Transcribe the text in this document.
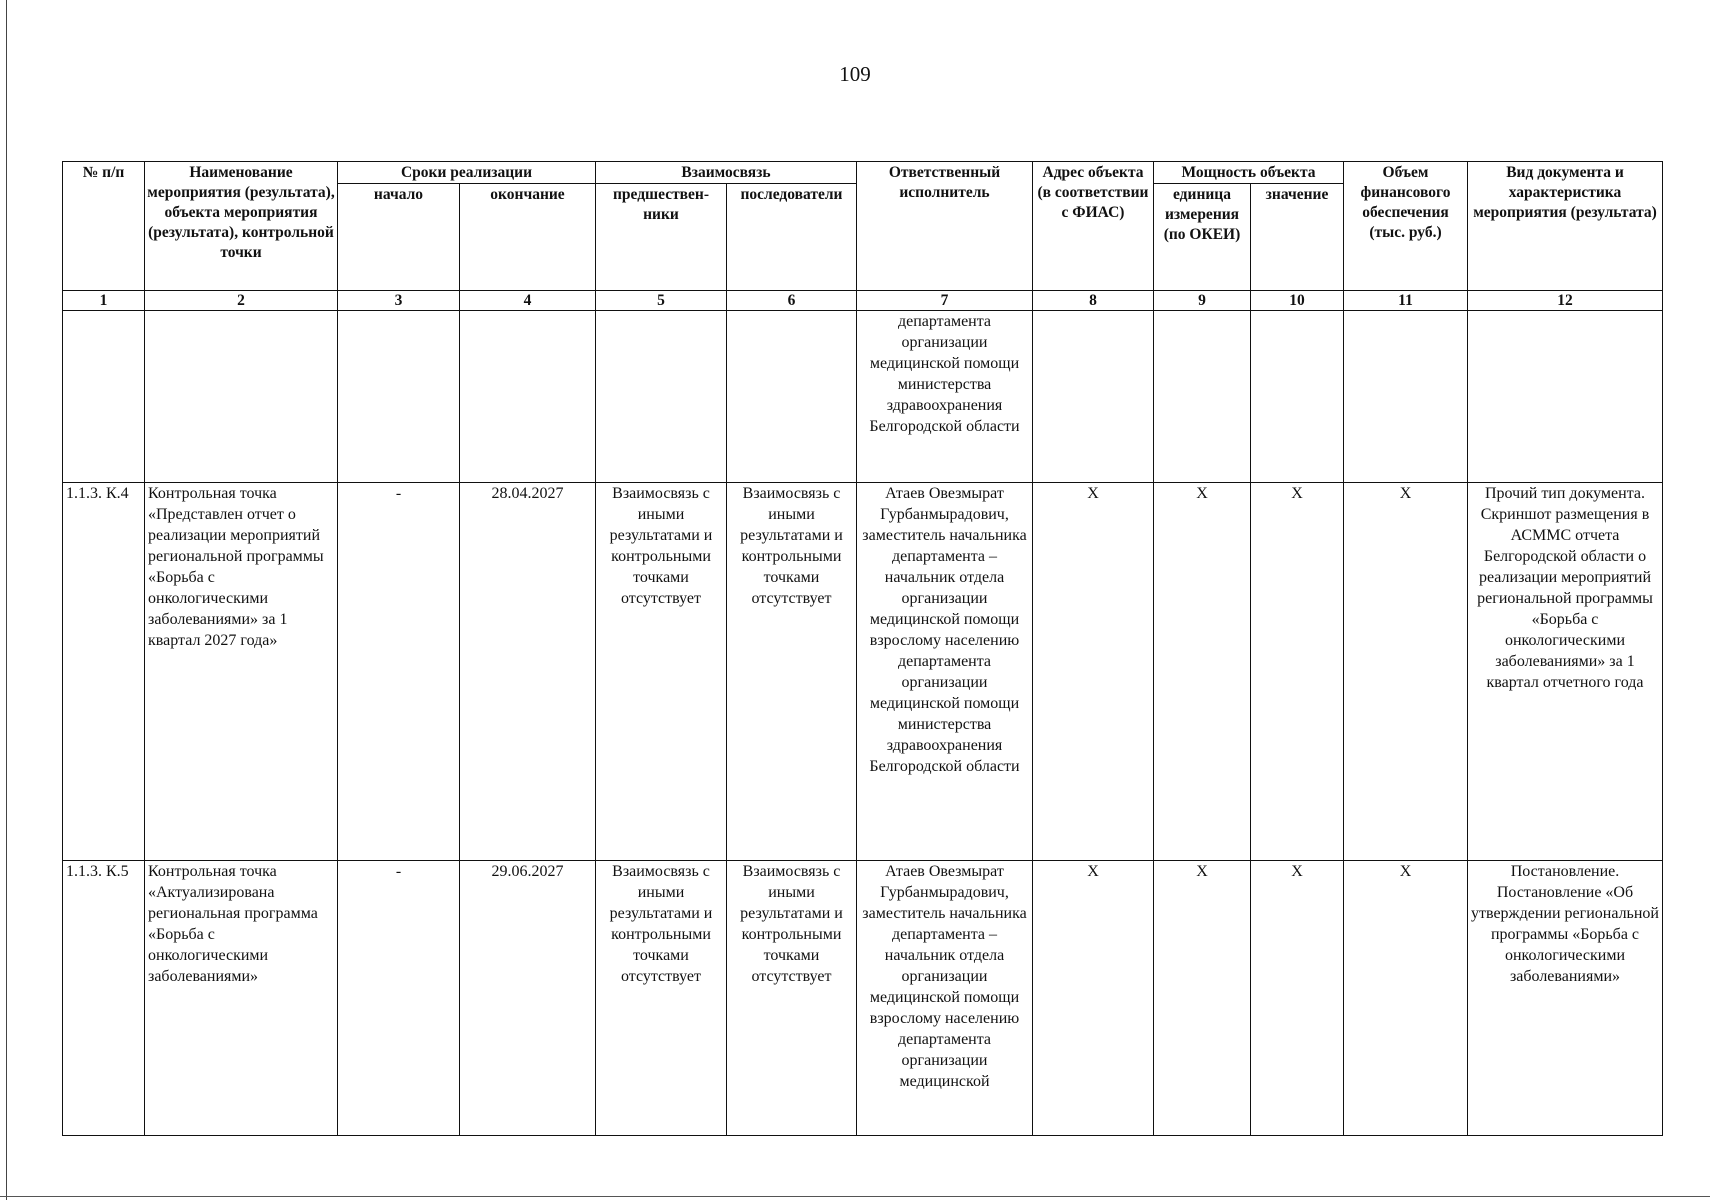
109
№ п/п	Наименование мероприятия (результата), объекта мероприятия (результата), контрольной точки	Сроки реализации		Взаимосвязь		Ответственный исполнитель	Адрес объекта (в соответствии с ФИАС)	Мощность объекта		Объем финансового обеспечения (тыс. руб.)	Вид документа и характеристика мероприятия (результата)
		начало	окончание	предшествен-ники	последователи			единица измерения (по ОКЕИ)	значение		
1	2	3	4	5	6	7	8	9	10	11	12
						департамента организации медицинской помощи министерства здравоохранения Белгородской области					
1.1.3. К.4	Контрольная точка «Представлен отчет о реализации мероприятий региональной программы «Борьба с онкологическими заболеваниями» за 1 квартал 2027 года»	-	28.04.2027	Взаимосвязь с иными результатами и контрольными точками отсутствует	Взаимосвязь с иными результатами и контрольными точками отсутствует	Атаев Овезмырат Гурбанмырадович, заместитель начальника департамента – начальник отдела организации медицинской помощи взрослому населению департамента организации медицинской помощи министерства здравоохранения Белгородской области	X	X	X	X	Прочий тип документа. Скриншот размещения в АСММС отчета Белгородской области о реализации мероприятий региональной программы «Борьба с онкологическими заболеваниями» за 1 квартал отчетного года
1.1.3. К.5	Контрольная точка «Актуализирована региональная программа «Борьба с онкологическими заболеваниями»	-	29.06.2027	Взаимосвязь с иными результатами и контрольными точками отсутствует	Взаимосвязь с иными результатами и контрольными точками отсутствует	Атаев Овезмырат Гурбанмырадович, заместитель начальника департамента – начальник отдела организации медицинской помощи взрослому населению департамента организации медицинской	X	X	X	X	Постановление. Постановление «Об утверждении региональной программы «Борьба с онкологическими заболеваниями»
